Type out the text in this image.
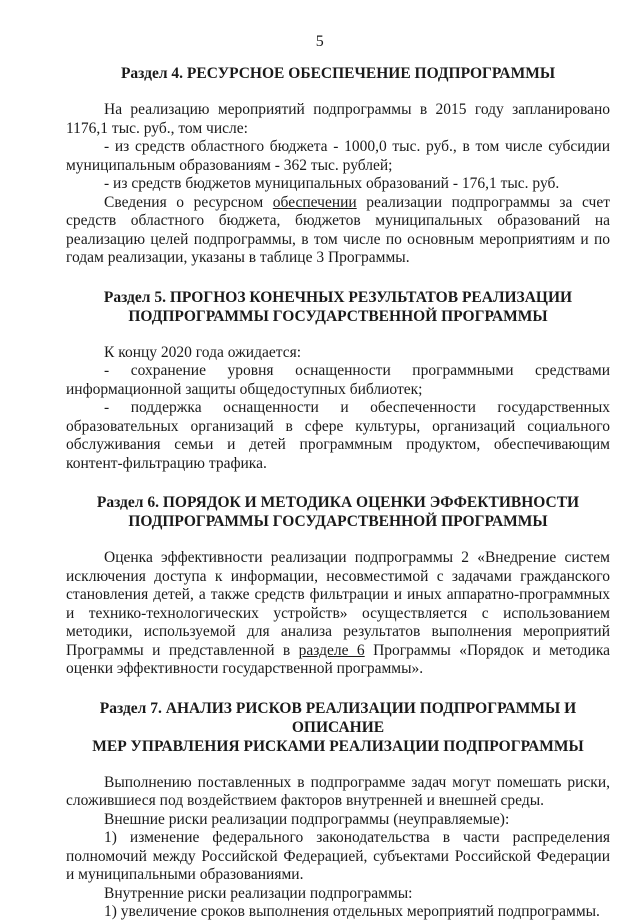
5
Раздел 4. РЕСУРСНОЕ ОБЕСПЕЧЕНИЕ ПОДПРОГРАММЫ

На реализацию мероприятий подпрограммы в 2015 году запланировано 1176,1 тыс. руб., том числе:

- из средств областного бюджета - 1000,0 тыс. руб., в том числе субсидии муниципальным образованиям - 362 тыс. рублей;

- из средств бюджетов муниципальных образований - 176,1 тыс. руб.

Сведения о ресурсном обеспечении реализации подпрограммы за счет средств областного бюджета, бюджетов муниципальных образований на реализацию целей подпрограммы, в том числе по основным мероприятиям и по годам реализации, указаны в таблице 3 Программы.

Раздел 5. ПРОГНОЗ КОНЕЧНЫХ РЕЗУЛЬТАТОВ РЕАЛИЗАЦИИ
ПОДПРОГРАММЫ ГОСУДАРСТВЕННОЙ ПРОГРАММЫ

К концу 2020 года ожидается:

- сохранение уровня оснащенности программными средствами информационной защиты общедоступных библиотек;

- поддержка оснащенности и обеспеченности государственных образовательных организаций в сфере культуры, организаций социального обслуживания семьи и детей программным продуктом, обеспечивающим контент-фильтрацию трафика.

Раздел 6. ПОРЯДОК И МЕТОДИКА ОЦЕНКИ ЭФФЕКТИВНОСТИ
ПОДПРОГРАММЫ ГОСУДАРСТВЕННОЙ ПРОГРАММЫ

Оценка эффективности реализации подпрограммы 2 «Внедрение систем исключения доступа к информации, несовместимой с задачами гражданского становления детей, а также средств фильтрации и иных аппаратно-программных и технико-технологических устройств» осуществляется с использованием методики, используемой для анализа результатов выполнения мероприятий Программы и представленной в разделе 6 Программы «Порядок и методика оценки эффективности государственной программы».

Раздел 7. АНАЛИЗ РИСКОВ РЕАЛИЗАЦИИ ПОДПРОГРАММЫ И ОПИСАНИЕ
МЕР УПРАВЛЕНИЯ РИСКАМИ РЕАЛИЗАЦИИ ПОДПРОГРАММЫ

Выполнению поставленных в подпрограмме задач могут помешать риски, сложившиеся под воздействием факторов внутренней и внешней среды.

Внешние риски реализации подпрограммы (неуправляемые):

1) изменение федерального законодательства в части распределения полномочий между Российской Федерацией, субъектами Российской Федерации и муниципальными образованиями.

Внутренние риски реализации подпрограммы:

1) увеличение сроков выполнения отдельных мероприятий подпрограммы.
